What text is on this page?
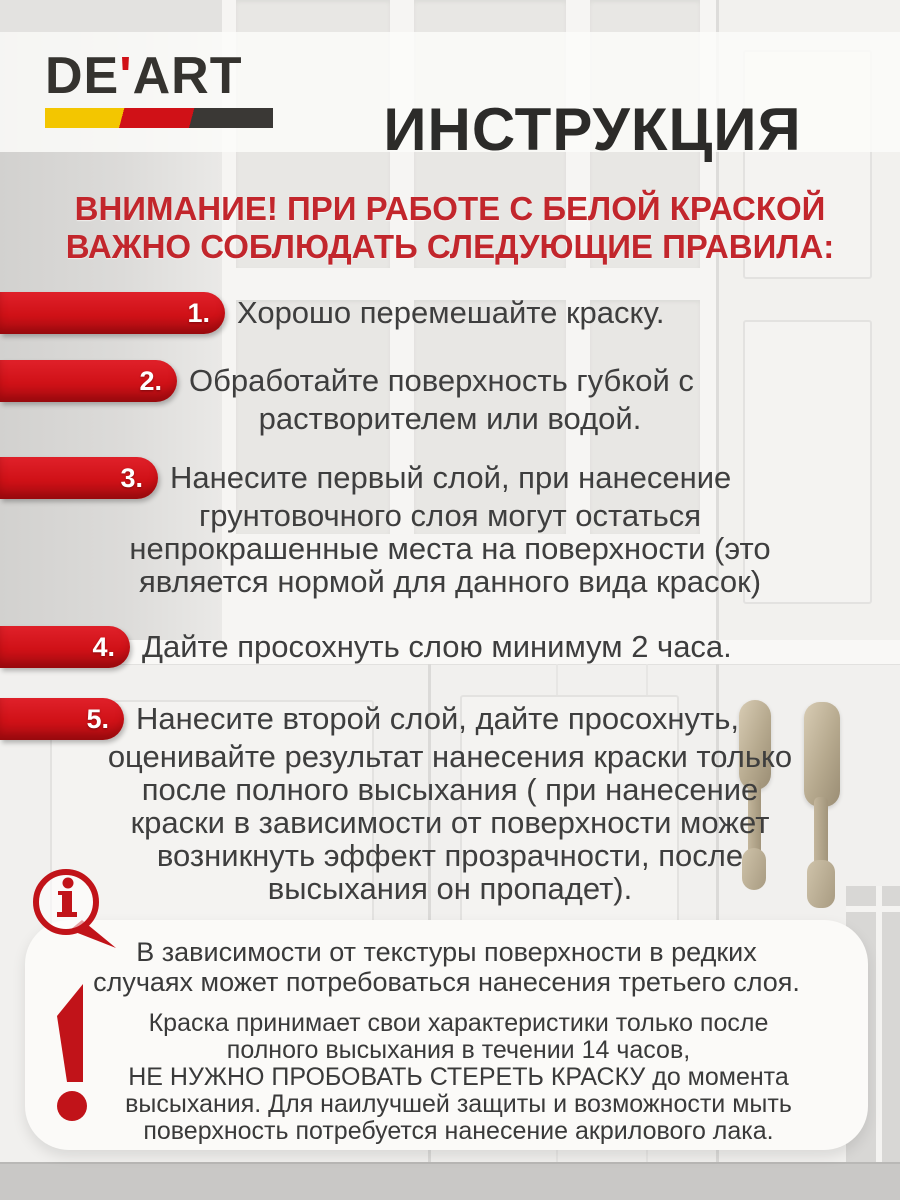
DE'ART
ИНСТРУКЦИЯ
ВНИМАНИЕ! ПРИ РАБОТЕ С БЕЛОЙ КРАСКОЙ
ВАЖНО СОБЛЮДАТЬ СЛЕДУЮЩИЕ ПРАВИЛА:
1. Хорошо перемешайте краску.
2. Обработайте поверхность губкой с
растворителем или водой.
3. Нанесите первый слой, при нанесение
грунтовочного слоя могут остаться
непрокрашенные места на поверхности (это
является нормой для данного вида красок)
4. Дайте просохнуть слою минимум 2 часа.
5. Нанесите второй слой, дайте просохнуть,
оценивайте результат нанесения краски только
после полного высыхания ( при нанесение
краски в зависимости от поверхности может
возникнуть эффект прозрачности, после
высыхания он пропадет).
В зависимости от текстуры поверхности в редких
случаях может потребоваться нанесения третьего слоя.
Краска принимает свои характеристики только после
полного высыхания в течении 14 часов,
НЕ НУЖНО ПРОБОВАТЬ СТЕРЕТЬ КРАСКУ до момента
высыхания. Для наилучшей защиты и возможности мыть
поверхность потребуется нанесение акрилового лака.
